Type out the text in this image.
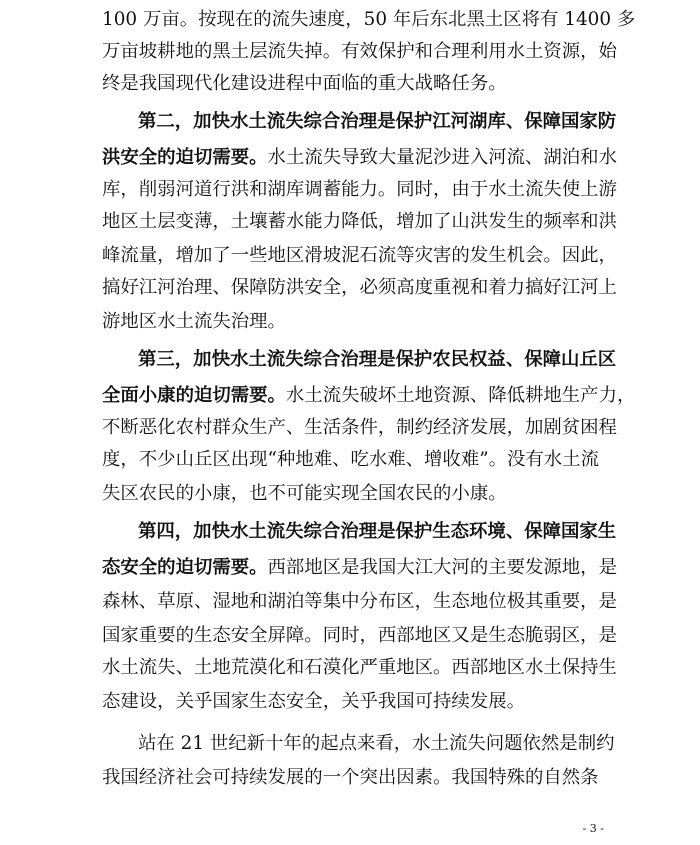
100 万亩。按现在的流失速度，50 年后东北黑土区将有 1400 多
万亩坡耕地的黑土层流失掉。有效保护和合理利用水土资源，始
终是我国现代化建设进程中面临的重大战略任务。
第二，加快水土流失综合治理是保护江河湖库、保障国家防
洪安全的迫切需要。水土流失导致大量泥沙进入河流、湖泊和水
库，削弱河道行洪和湖库调蓄能力。同时，由于水土流失使上游
地区土层变薄，土壤蓄水能力降低，增加了山洪发生的频率和洪
峰流量，增加了一些地区滑坡泥石流等灾害的发生机会。因此，
搞好江河治理、保障防洪安全，必须高度重视和着力搞好江河上
游地区水土流失治理。
第三，加快水土流失综合治理是保护农民权益、保障山丘区
全面小康的迫切需要。水土流失破坏土地资源、降低耕地生产力，
不断恶化农村群众生产、生活条件，制约经济发展，加剧贫困程
度，不少山丘区出现“种地难、吃水难、增收难”。没有水土流
失区农民的小康，也不可能实现全国农民的小康。
第四，加快水土流失综合治理是保护生态环境、保障国家生
态安全的迫切需要。西部地区是我国大江大河的主要发源地，是
森林、草原、湿地和湖泊等集中分布区，生态地位极其重要，是
国家重要的生态安全屏障。同时，西部地区又是生态脆弱区，是
水土流失、土地荒漠化和石漠化严重地区。西部地区水土保持生
态建设，关乎国家生态安全，关乎我国可持续发展。
站在 21 世纪新十年的起点来看，水土流失问题依然是制约
我国经济社会可持续发展的一个突出因素。我国特殊的自然条
- 3 -
